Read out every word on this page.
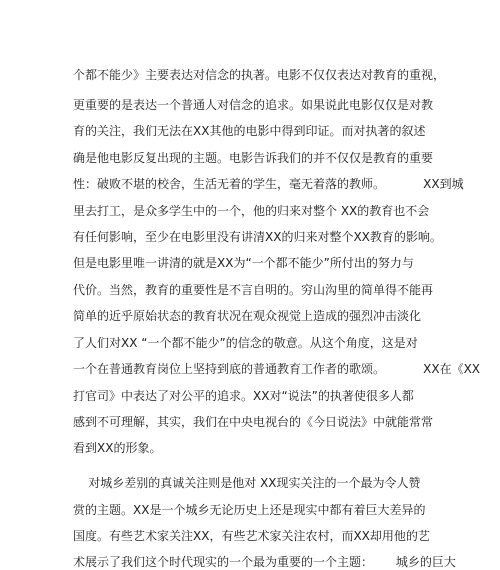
个都不能少》主要表达对信念的执著。电影不仅仅表达对教育的重视，
更重要的是表达一个普通人对信念的追求。如果说此电影仅仅是对教
育的关注，我们无法在XX其他的电影中得到印证。而对执著的叙述
确是他电影反复出现的主题。电影告诉我们的并不仅仅是教育的重要
性：破败不堪的校舍，生活无着的学生，毫无着落的教师。          XX到城
里去打工，是众多学生中的一个，他的归来对整个 XX的教育也不会
有任何影响，至少在电影里没有讲清XX的归来对整个XX教育的影响。
但是电影里唯一讲清的就是XX为“一个都不能少”所付出的努力与
代价。当然，教育的重要性是不言自明的。穷山沟里的简单得不能再
简单的近乎原始状态的教育状况在观众视觉上造成的强烈冲击淡化
了人们对XX “一个都不能少”的信念的敬意。从这个角度，这是对
一个在普通教育岗位上坚持到底的普通教育工作者的歌颂。          XX在《XX
打官司》中表达了对公平的追求。XX对“说法”的执著使很多人都
感到不可理解，其实，我们在中央电视台的《今日说法》中就能常常
看到XX的形象。
对城乡差别的真诚关注则是他对 XX现实关注的一个最为令人赞
赏的主题。XX是一个城乡无论历史上还是现实中都有着巨大差异的
国度。有些艺术家关注XX，有些艺术家关注农村，而XX却用他的艺
术展示了我们这个时代现实的一个最为重要的一个主题：      城乡的巨大
